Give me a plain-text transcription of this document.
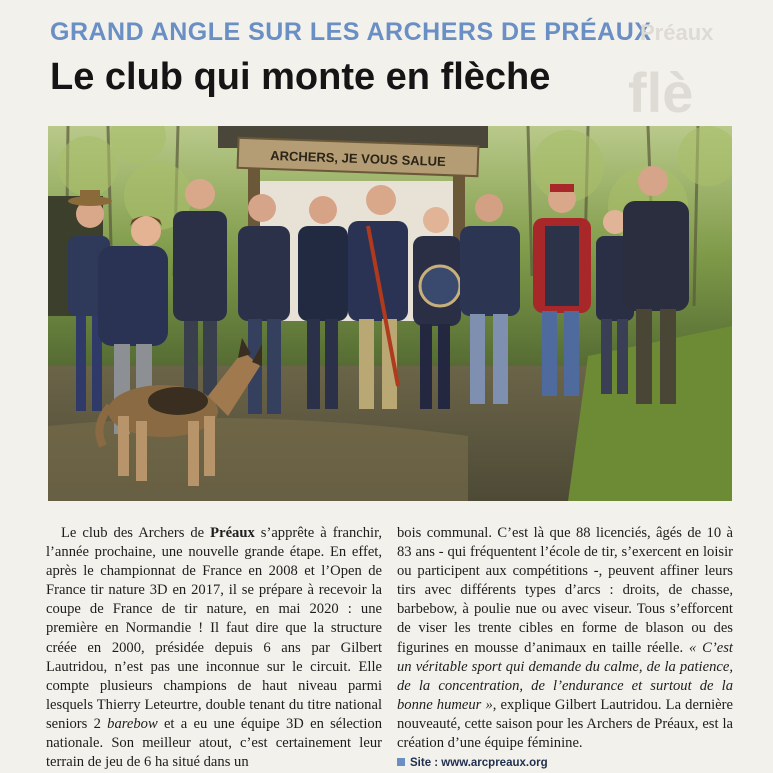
GRAND ANGLE SUR LES ARCHERS DE PRÉAUX
Le club qui monte en flèche
Préaux
flè
ARCHERS, JE VOUS SALUE

Le club des Archers de Préaux s’apprête à franchir, l’année prochaine, une nouvelle grande étape. En effet, après le championnat de France en 2008 et l’Open de France tir nature 3D en 2017, il se prépare à recevoir la coupe de France de tir nature, en mai 2020 : une première en Normandie ! Il faut dire que la structure créée en 2000, présidée depuis 6 ans par Gilbert Lautridou, n’est pas une inconnue sur le circuit. Elle compte plusieurs champions de haut niveau parmi lesquels Thierry Leteurtre, double tenant du titre national seniors 2 barebow et a eu une équipe 3D en sélection nationale. Son meilleur atout, c’est certainement leur terrain de jeu de 6 ha situé dans un

bois communal. C’est là que 88 licenciés, âgés de 10 à 83 ans - qui fréquentent l’école de tir, s’exercent en loisir ou participent aux compétitions -, peuvent affiner leurs tirs avec différents types d’arcs : droits, de chasse, barbebow, à poulie nue ou avec viseur. Tous s’efforcent de viser les trente cibles en forme de blason ou des figurines en mousse d’animaux en taille réelle. « C’est un véritable sport qui demande du calme, de la patience, de la concentration, de l’endurance et surtout de la bonne humeur », explique Gilbert Lautridou. La dernière nouveauté, cette saison pour les Archers de Préaux, est la création d’une équipe féminine.

Site : www.arcpreaux.org
